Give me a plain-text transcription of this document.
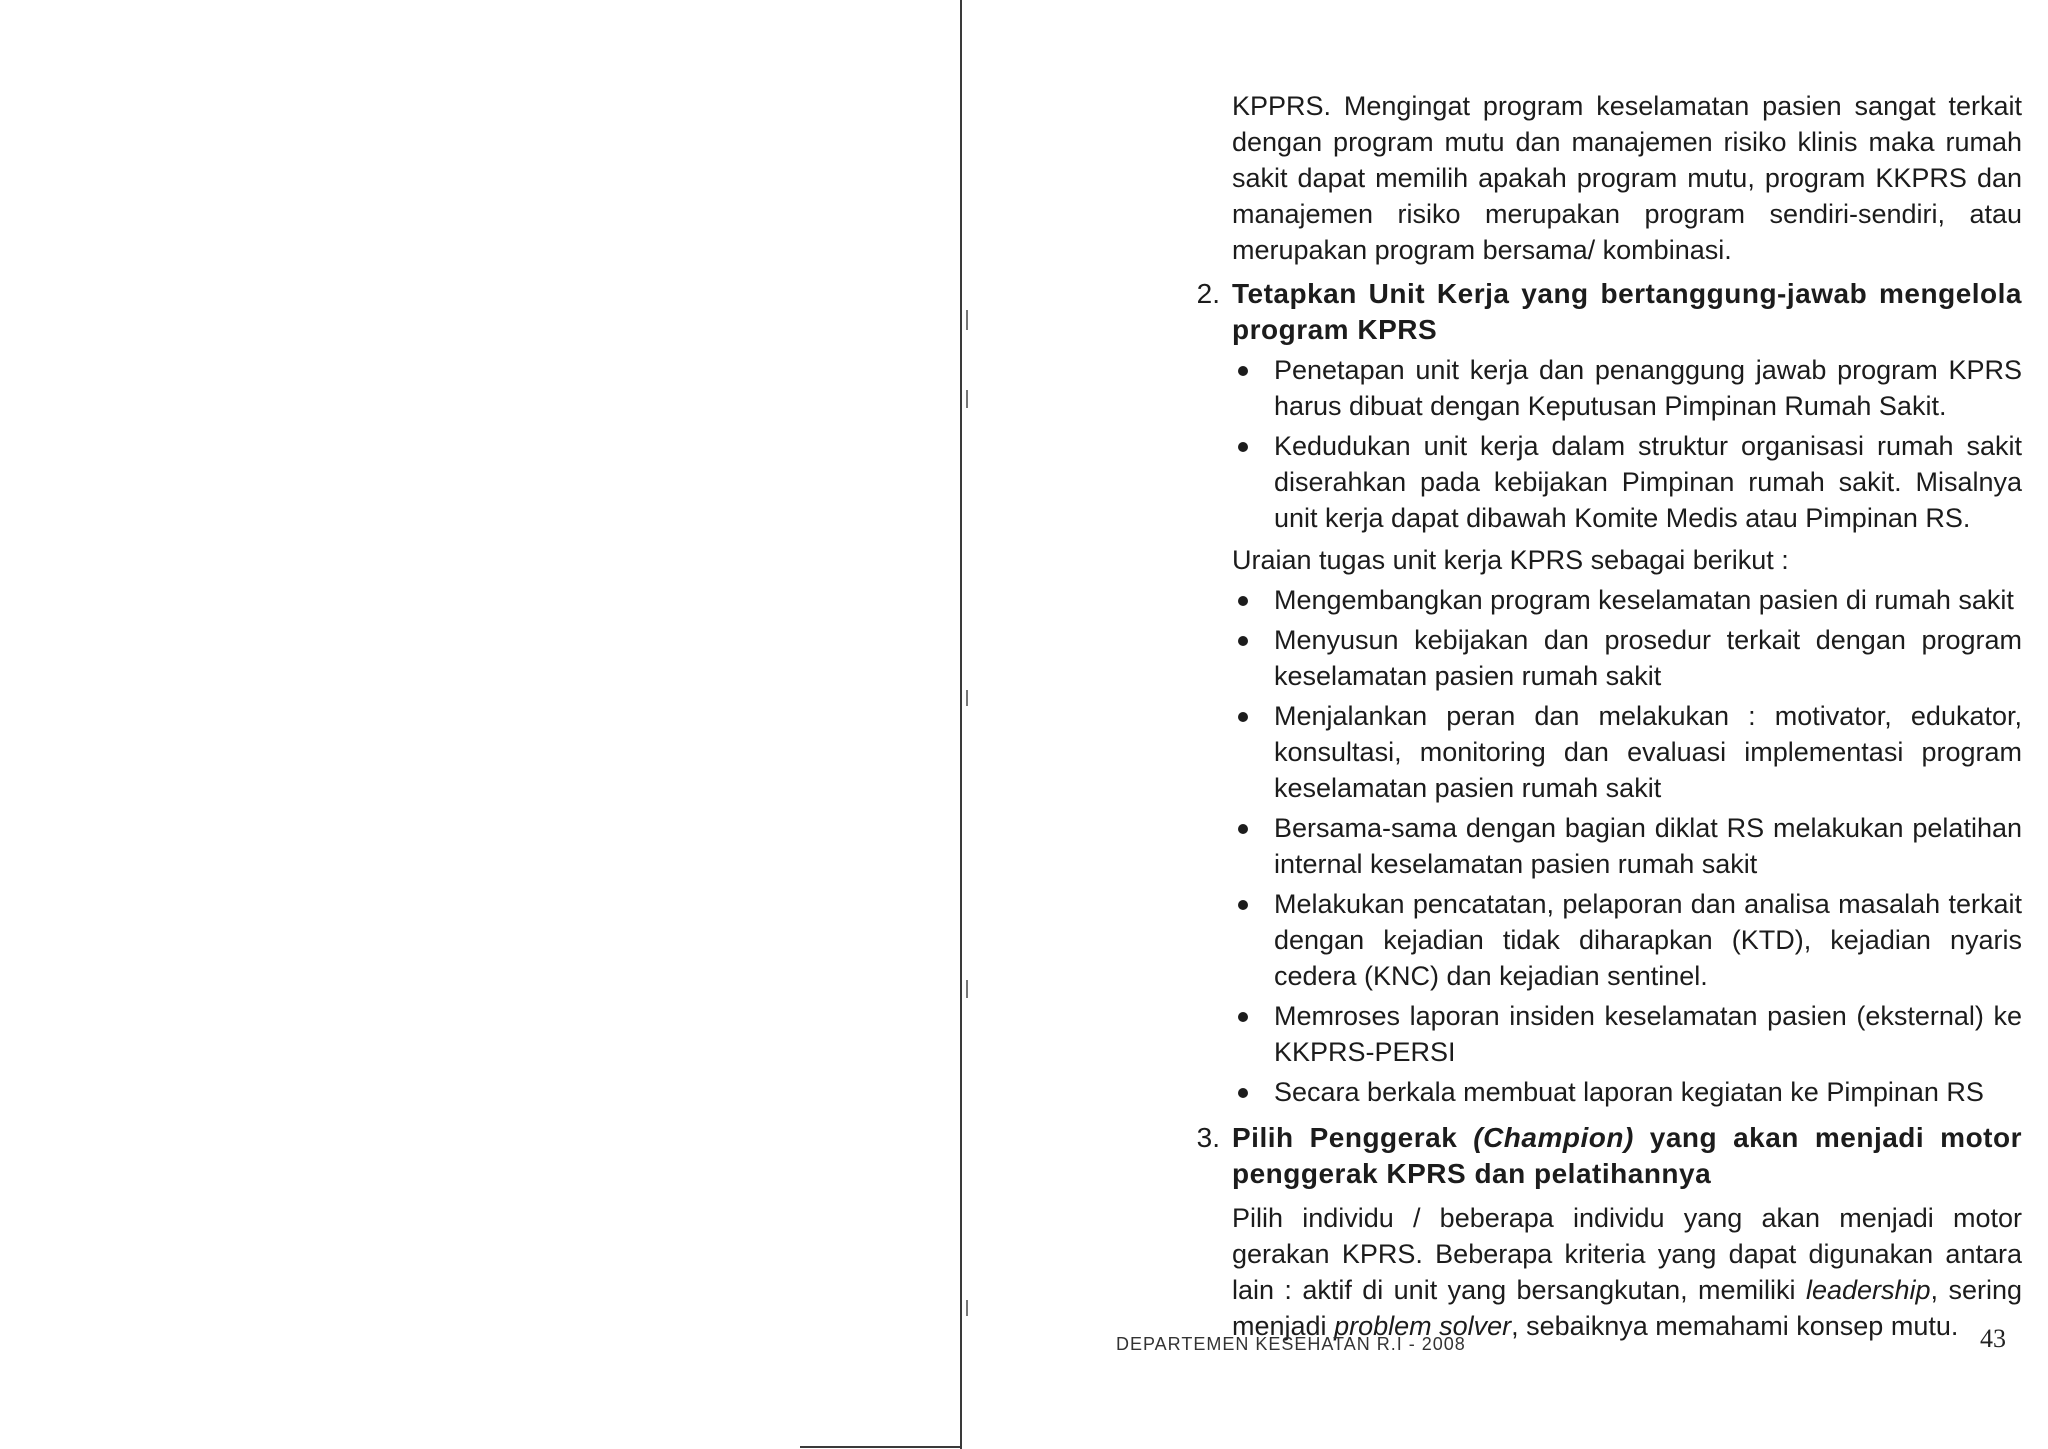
KPPRS. Mengingat program keselamatan pasien sangat terkait dengan program mutu dan manajemen risiko klinis maka rumah sakit dapat memilih apakah program mutu, program KKPRS dan manajemen risiko merupakan program sendiri-sendiri, atau merupakan program bersama/ kombinasi.

2. Tetapkan Unit Kerja yang bertanggung-jawab mengelola program KPRS
Penetapan unit kerja dan penanggung jawab program KPRS harus dibuat dengan Keputusan Pimpinan Rumah Sakit.
Kedudukan unit kerja dalam struktur organisasi rumah sakit diserahkan pada kebijakan Pimpinan rumah sakit. Misalnya unit kerja dapat dibawah Komite Medis atau Pimpinan RS.
Uraian tugas unit kerja KPRS sebagai berikut :
Mengembangkan program keselamatan pasien di rumah sakit
Menyusun kebijakan dan prosedur terkait dengan program keselamatan pasien rumah sakit
Menjalankan peran dan melakukan : motivator, edukator, konsultasi, monitoring dan evaluasi implementasi program keselamatan pasien rumah sakit
Bersama-sama dengan bagian diklat RS melakukan pelatihan internal keselamatan pasien rumah sakit
Melakukan pencatatan, pelaporan dan analisa masalah terkait dengan kejadian tidak diharapkan (KTD), kejadian nyaris cedera (KNC) dan kejadian sentinel.
Memroses laporan insiden keselamatan pasien (eksternal) ke KKPRS-PERSI
Secara berkala membuat laporan kegiatan ke Pimpinan RS
3. Pilih Penggerak (Champion) yang akan menjadi motor penggerak KPRS dan pelatihannya

Pilih individu / beberapa individu yang akan menjadi motor gerakan KPRS. Beberapa kriteria yang dapat digunakan antara lain : aktif di unit yang bersangkutan, memiliki leadership, sering menjadi problem solver, sebaiknya memahami konsep mutu.

DEPARTEMEN KESEHATAN R.I - 2008	43
